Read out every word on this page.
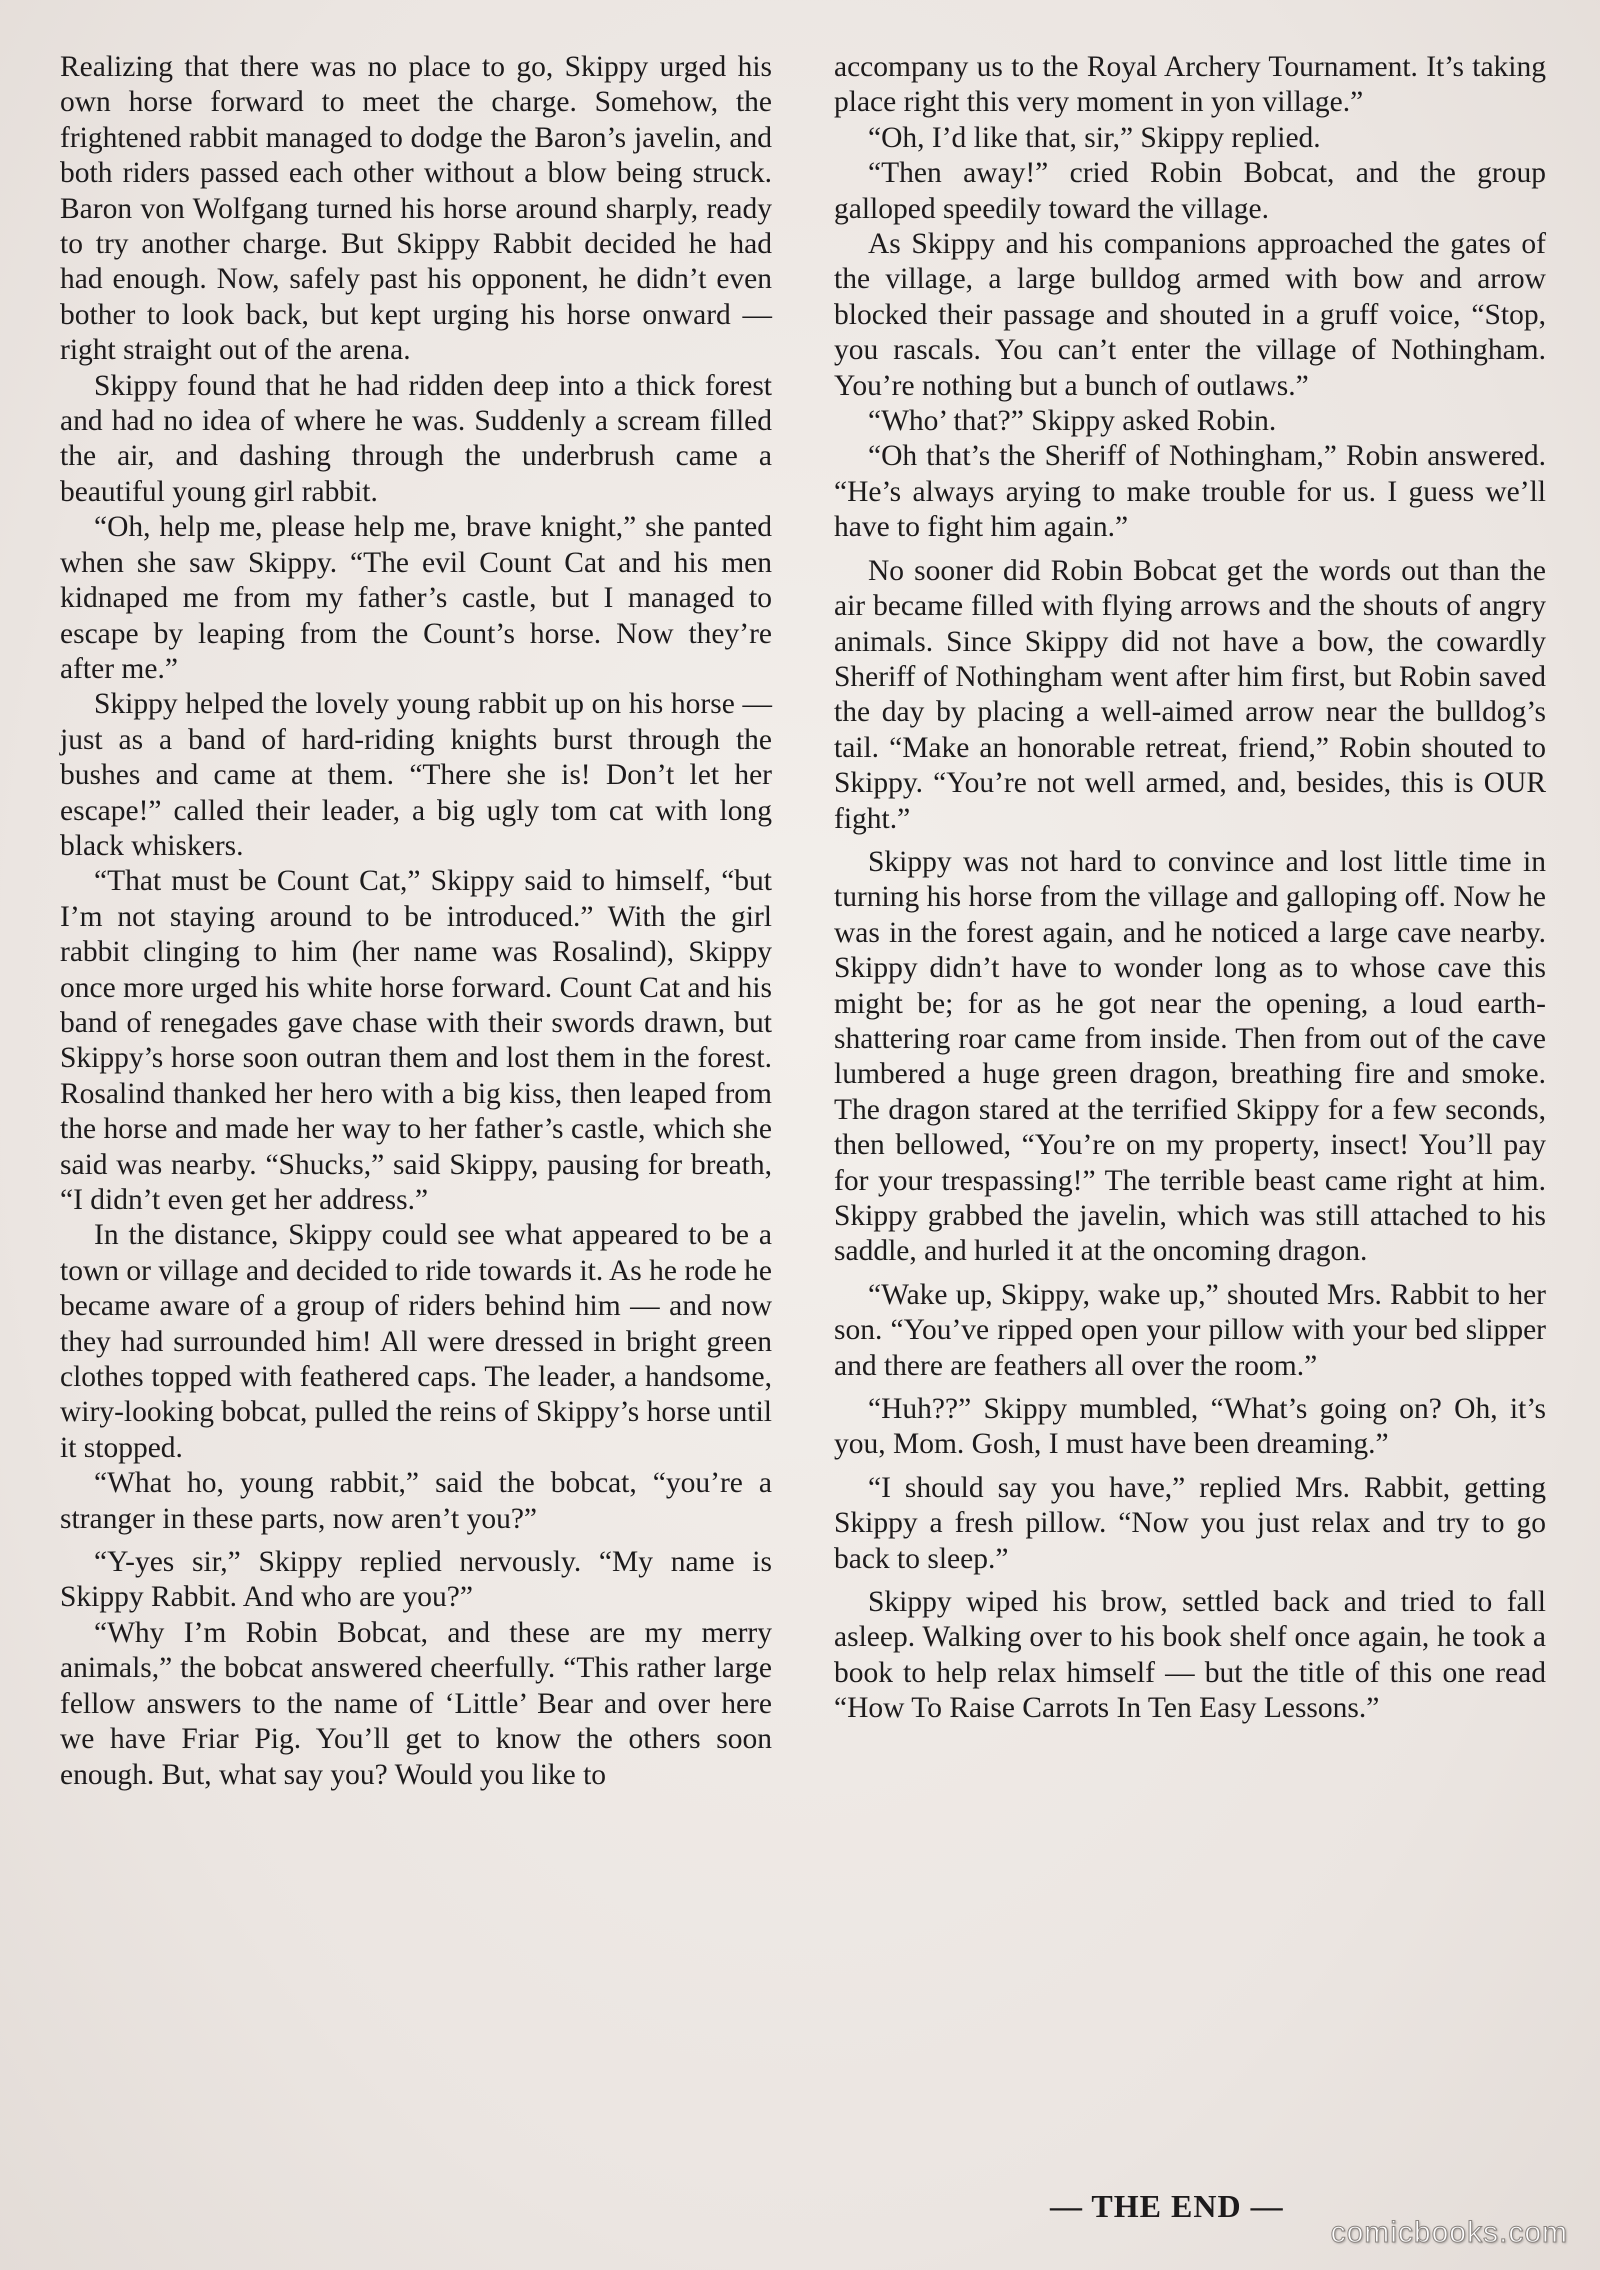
Realizing that there was no place to go, Skippy urged his own horse forward to meet the charge. Somehow, the frightened rabbit managed to dodge the Baron’s javelin, and both riders passed each other without a blow being struck. Baron von Wolfgang turned his horse around sharply, ready to try another charge. But Skippy Rabbit decided he had had enough. Now, safely past his opponent, he didn’t even bother to look back, but kept urging his horse onward — right straight out of the arena.

Skippy found that he had ridden deep into a thick forest and had no idea of where he was. Suddenly a scream filled the air, and dashing through the underbrush came a beautiful young girl rabbit.

“Oh, help me, please help me, brave knight,” she panted when she saw Skippy. “The evil Count Cat and his men kidnaped me from my father’s castle, but I managed to escape by leaping from the Count’s horse. Now they’re after me.”

Skippy helped the lovely young rabbit up on his horse — just as a band of hard-riding knights burst through the bushes and came at them. “There she is! Don’t let her escape!” called their leader, a big ugly tom cat with long black whiskers.

“That must be Count Cat,” Skippy said to himself, “but I’m not staying around to be introduced.” With the girl rabbit clinging to him (her name was Rosalind), Skippy once more urged his white horse forward. Count Cat and his band of renegades gave chase with their swords drawn, but Skippy’s horse soon outran them and lost them in the forest. Rosalind thanked her hero with a big kiss, then leaped from the horse and made her way to her father’s castle, which she said was nearby. “Shucks,” said Skippy, pausing for breath, “I didn’t even get her address.”

In the distance, Skippy could see what appeared to be a town or village and decided to ride towards it. As he rode he became aware of a group of riders behind him — and now they had surrounded him! All were dressed in bright green clothes topped with feathered caps. The leader, a handsome, wiry-looking bobcat, pulled the reins of Skippy’s horse until it stopped.

“What ho, young rabbit,” said the bobcat, “you’re a stranger in these parts, now aren’t you?”

“Y-yes sir,” Skippy replied nervously. “My name is Skippy Rabbit. And who are you?”

“Why I’m Robin Bobcat, and these are my merry animals,” the bobcat answered cheerfully. “This rather large fellow answers to the name of ‘Little’ Bear and over here we have Friar Pig. You’ll get to know the others soon enough. But, what say you? Would you like to

accompany us to the Royal Archery Tournament. It’s taking place right this very moment in yon village.”

“Oh, I’d like that, sir,” Skippy replied.

“Then away!” cried Robin Bobcat, and the group galloped speedily toward the village.

As Skippy and his companions approached the gates of the village, a large bulldog armed with bow and arrow blocked their passage and shouted in a gruff voice, “Stop, you rascals. You can’t enter the village of Nothingham. You’re nothing but a bunch of outlaws.”

“Who’ that?” Skippy asked Robin.

“Oh that’s the Sheriff of Nothingham,” Robin answered. “He’s always arying to make trouble for us. I guess we’ll have to fight him again.”

No sooner did Robin Bobcat get the words out than the air became filled with flying arrows and the shouts of angry animals. Since Skippy did not have a bow, the cowardly Sheriff of Nothingham went after him first, but Robin saved the day by placing a well-aimed arrow near the bulldog’s tail. “Make an honorable retreat, friend,” Robin shouted to Skippy. “You’re not well armed, and, besides, this is OUR fight.”

Skippy was not hard to convince and lost little time in turning his horse from the village and galloping off. Now he was in the forest again, and he noticed a large cave nearby. Skippy didn’t have to wonder long as to whose cave this might be; for as he got near the opening, a loud earth-shattering roar came from inside. Then from out of the cave lumbered a huge green dragon, breathing fire and smoke. The dragon stared at the terrified Skippy for a few seconds, then bellowed, “You’re on my property, insect! You’ll pay for your trespassing!” The terrible beast came right at him. Skippy grabbed the javelin, which was still attached to his saddle, and hurled it at the oncoming dragon.

“Wake up, Skippy, wake up,” shouted Mrs. Rabbit to her son. “You’ve ripped open your pillow with your bed slipper and there are feathers all over the room.”

“Huh??” Skippy mumbled, “What’s going on? Oh, it’s you, Mom. Gosh, I must have been dreaming.”

“I should say you have,” replied Mrs. Rabbit, getting Skippy a fresh pillow. “Now you just relax and try to go back to sleep.”

Skippy wiped his brow, settled back and tried to fall asleep. Walking over to his book shelf once again, he took a book to help relax himself — but the title of this one read “How To Raise Carrots In Ten Easy Lessons.”

— THE END —
comicbooks.com
